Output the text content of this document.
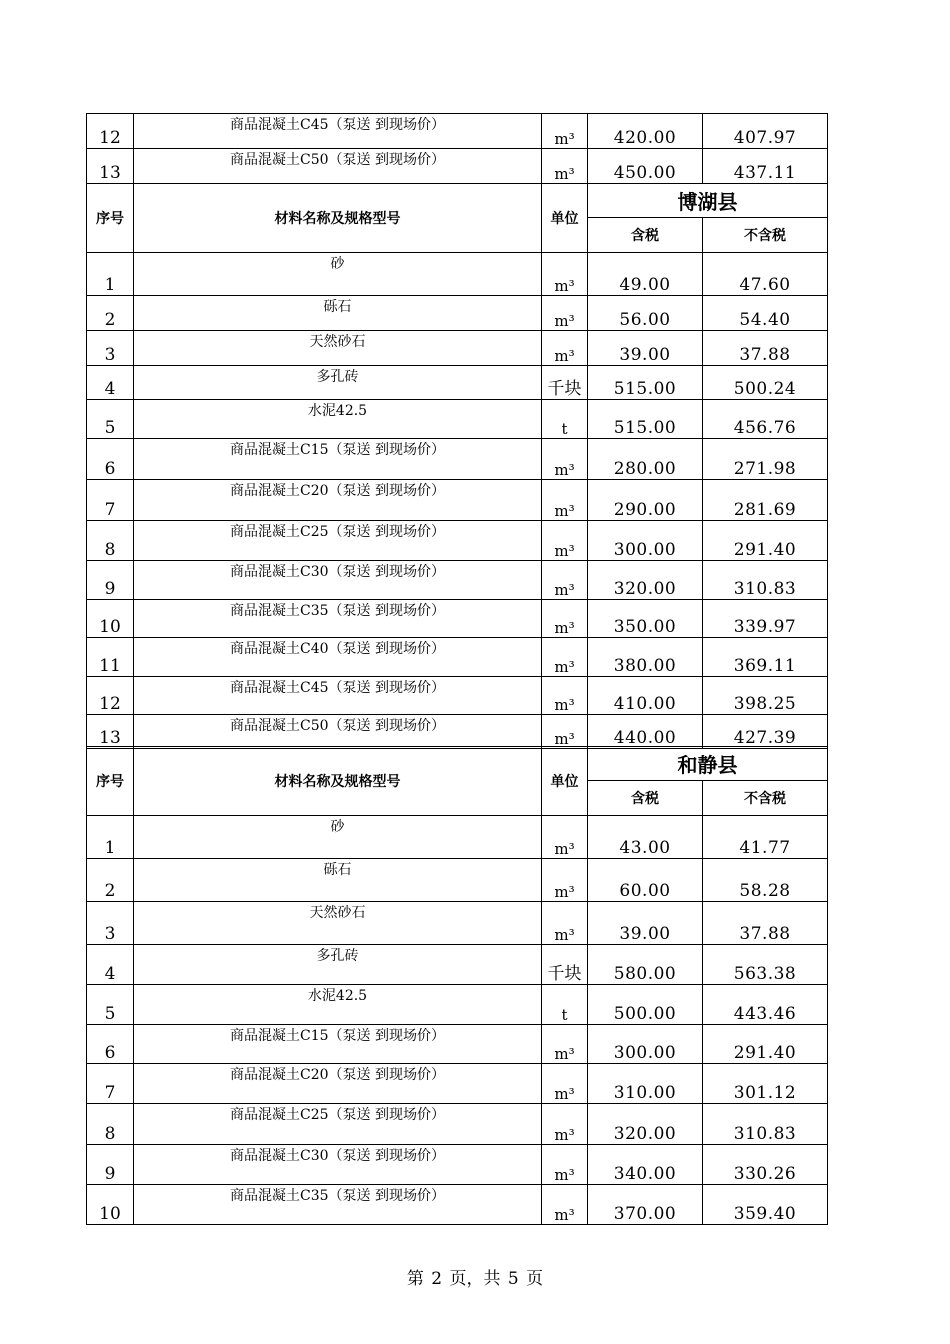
12	商品混凝土C45（泵送 到现场价）	m³	420.00	407.97
13	商品混凝土C50（泵送 到现场价）	m³	450.00	437.11
序号	材料名称及规格型号	单位	博湖县	
			含税	不含税
1	砂	m³	49.00	47.60
2	砾石	m³	56.00	54.40
3	天然砂石	m³	39.00	37.88
4	多孔砖	千块	515.00	500.24
5	水泥42.5	t	515.00	456.76
6	商品混凝土C15（泵送 到现场价）	m³	280.00	271.98
7	商品混凝土C20（泵送 到现场价）	m³	290.00	281.69
8	商品混凝土C25（泵送 到现场价）	m³	300.00	291.40
9	商品混凝土C30（泵送 到现场价）	m³	320.00	310.83
10	商品混凝土C35（泵送 到现场价）	m³	350.00	339.97
11	商品混凝土C40（泵送 到现场价）	m³	380.00	369.11
12	商品混凝土C45（泵送 到现场价）	m³	410.00	398.25
13	商品混凝土C50（泵送 到现场价）	m³	440.00	427.39
序号	材料名称及规格型号	单位	和静县	
			含税	不含税
1	砂	m³	43.00	41.77
2	砾石	m³	60.00	58.28
3	天然砂石	m³	39.00	37.88
4	多孔砖	千块	580.00	563.38
5	水泥42.5	t	500.00	443.46
6	商品混凝土C15（泵送 到现场价）	m³	300.00	291.40
7	商品混凝土C20（泵送 到现场价）	m³	310.00	301.12
8	商品混凝土C25（泵送 到现场价）	m³	320.00	310.83
9	商品混凝土C30（泵送 到现场价）	m³	340.00	330.26
10	商品混凝土C35（泵送 到现场价）	m³	370.00	359.40
第 2 页，共 5 页
